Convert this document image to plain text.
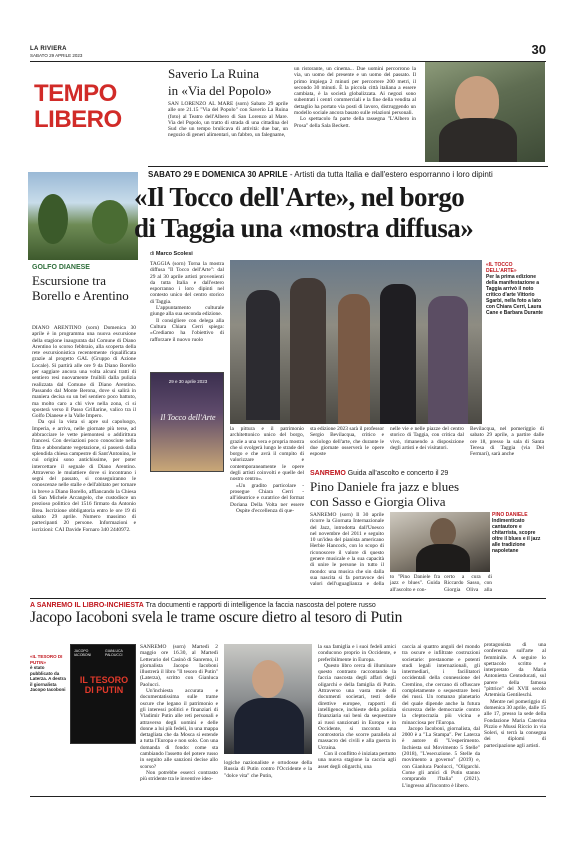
LA RIVIERA
SABATO 29 APRILE 2023	30
TEMPO
LIBERO
Saverio La Ruina
in «Via del Popolo»
SAN LORENZO AL MARE (sorn) Sabato 29 aprile alle ore 21.15 "Via del Popolo" con Saverio La Ruina (foto) al Teatro dell'Albero di San Lorenzo al Mare. Via del Popolo, un tratto di strada di una cittadina del Sud che un tempo brulicava di attività: due bar, un negozio di generi alimentari, un fabbro, un falegname,
un ristorante, un cinema... Due uomini percorrono la via, un uomo del presente e un uomo del passato. Il primo impiega 2 minuti per percorrere 200 metri, il secondo 30 minuti. È la piccola città italiana a essere cambiata, è la società globalizzata. Ai negozi sono subentrati i centri commerciali e la fine della vendita al dettaglio ha portato via posti di lavoro, distruggendo un modello sociale ancora basato sulle relazioni personali.

Lo spettacolo fa parte della rassegna "L'Albero in Prosa" della Sala Beckett.

SABATO 29 E DOMENICA 30 APRILE - Artisti da tutta Italia e dall'estero esporranno i loro dipinti
GOLFO DIANESE
Escursione tra Borello e Arentino
DIANO ARENTINO (sorn) Domenica 30 aprile è in programma una nuova escursione della stagione inaugurata dal Comune di Diano Arentino lo scorso febbraio, alla scoperta della rete escursionistica recentemente riqualificata grazie al progetto GAL (Gruppo di Azione Locale). Si partirà alle ore 9 da Diano Borello per saggiare ancora una volta alcuni tratti di sentiero resi nuovamente fruibili dalla pulizia realizzata dal Comune di Diano Arentino. Passando dal Monte Berona, dove si salirà in maniera decisa su un bel sentiero poco battuto, ma molto caro a chi vive nella zona, ci si sposterà verso il Passo Grillarine, valico tra il Golfo Dianese e la Valle Impero.

Da qui la vista si apre sul capoluogo, Imperia, e arriva, nelle giornate più terse, ad abbracciare le vette piemontesi o addirittura francesi. Con deviazioni poco conosciute nella fitta e abbondante vegetazione, si passerà dalla splendida chiesa campestre di Sant'Antonino, le cui origini sono antichissime, per poter intercettare il segnale di Diano Arentino. Attraverso le mulattiere dove si incontrano i segni del passato, si conseguiranno le conoscenze nelle stalle e dell'abitato per tornare in breve a Diano Borello, affiancando la Chiesa di San Michele Arcangelo, che custodisce un prezioso polittico del 1516 firmato da Antonio Brea. Iscrizione obbligatoria entro le ore 19 di sabato 29 aprile. Numero massimo di partecipanti 20 persone. Informazioni e iscrizioni: CAI Davide Fornaro 340 2440972.

«Il Tocco dell'Arte», nel borgo
di Taggia una «mostra diffusa»
di Marco Scolesi
TAGGIA (sorn) Torna la mostra diffusa "Il Tocco dell'Arte": dal 29 al 30 aprile artisti provenienti da tutta Italia e dall'estero esporranno i loro dipinti nel contesto unico del centro storico di Taggia.

L'appuntamento culturale giunge alla sua seconda edizione.

Il consigliere con delega alla Cultura Chiara Cerri spiega: «Crediamo ha l'obiettivo di rafforzare il nuovo ruolo

29 e 30 aprile 2023
Il Tocco dell'Arte
«IL TOCCO DELL'ARTE»
Per la prima edizione della manifestazione a Taggia arrivò il noto critico d'arte Vittorio Sgarbi, nella foto a lato con Chiara Cerri, Laura Cane e Barbara Durante
la pittura e il patrimonio architettonico unico del borgo, grazie a una vera e propria mostra che si svolgerà lungo le strade del borgo e che avrà il compito di valorizzare e contemporaneamente le opere degli artisti coinvolti e quelle del nostro centro».

«Un gradito particolare - prosegue Chiara Cerri - all'ideatrice e curatrice del format Doriana Della Volta per essere

sta edizione 2023 sarà il professor Sergio Bevilacqua, critico e sociologo dell'arte, che durante le due giornate osserverà le opere esposte
nelle vie e nelle piazze del centro storico di Taggia, con critica dal vivo, rimanendo a disposizione degli artisti e dei visitatori.
Bevilacqua, nel pomeriggio di sabato 29 aprile, a partire dalle ore 18, presso la sala di Santa Teresa di Taggia (via Del Fermari), sarà anche
SANREMO Guida all'ascolto e concerto il 29
Pino Daniele fra jazz e blues
con Sasso e Giorgia Oliva

Ospite d'eccellenza di que-

SANREMO (sorn) Il 30 aprile ricorre la Giornata Internazionale del Jazz, introdotta dall'Unesco nel novembre del 2011 e seguito 10 un'idea del pianista americano Herbie Hancock, con lo scopo di riconoscere il valore di questo genere musicale e la sua capacità di unire le persone in tutto il mondo: una musica che sin dalla sua nascita si fa portavoce dei valori dell'uguaglianza e della
PINO DANIELE
Indimenticato cantautore e chitarrista, scopre oltre il blues e il jazz alle tradizione napoletane
to "Pino Daniele fra jazz e blues". Guida all'ascolto e con-
certo a cura di Riccardo Sasso, con Giorgia Oliva alla
A SANREMO IL LIBRO-INCHIESTA Tra documenti e rapporti di intelligence la faccia nascosta del potere russo
Jacopo Iacoboni svela le trame oscure dietro al tesoro di Putin
JACOPO IACOBONI
GIANLUCA PALDUCCI
IL TESORO DI PUTIN
«IL TESORO DI PUTIN»
è stato pubblicato da Laterza. A destra il giornalista Jacopo Iacoboni
SANREMO (sorn) Martedì 2 maggio ore 16.30, al Martedì Letterario del Casinò di Sanremo, il giornalista Jacopo Iacoboni illustrerà il libro "Il tesoro di Putin" (Laterza), scritto con Gianluca Paolucci.

Un'inchiesta accurata e documentatissima sulle trame oscure che legano il patrimonio e gli interessi politici e finanziari di Vladimir Putin alle reti personali e attraverso degli uomini e delle donne a lui più fedeli, in una mappa dettagliata che da Mosca si estende a tutta l'Europa e non solo. Con una domanda di fondo: come sta cambiando l'assetto del potere russo in seguito alle sanzioni decise allo scorso?

Non potrebbe esserci contrasto più stridente tra le inventive ideo-

logiche nazionaliste e ortodosse della Russia di Putin contro l'Occidente e la "dolce vita" che Putin,
la sua famiglia e i suoi fedeli amici conducono proprio in Occidente, e preferibilmente in Europa.

Questo libro cerca di illuminare questo contrasto raccontando la faccia nascosta degli affari degli oligarchi e della famiglia di Putin. Attraverso una vasta mole di documenti societari, testi delle direttive europee, rapporti di intelligence, inchieste della polizia finanziaria sui beni da sequestrare ai russi sanzionati in Europa e in Occidente, si racconta una controstoria che scorre parallela al massacro dei civili e alla guerra in Ucraina.

Con il conflitto è iniziata pertutto una nuova stagione la caccia agli asset degli oligarchi, una

caccia ai quattro angoli del mondo tra oscure e infiltrate costruzioni societarie: prestanome e potenti studi legali internazionali, gli intermediari, i facilitatori occidentali della connessione del Cremlino, che cercano di offuscare completamente o sequestrare beni dei russi. Un romanzo planetario del quale dipende anche la futura sicurezza delle democrazie contro la cleptocrazia più vicina e minacciosa per l'Europa.

Jacopo Iacoboni, giornalista, dal 2000 è a "La Stampa". Per Laterza è autore di "L'esperimento. Inchiesta sul Movimento 5 Stelle" (2018), "L'esecuzione. 5 Stelle da movimento a governo" (2019) e, con Gianluca Paolucci, "Oligarchi. Come gli amici di Putin stanno comprando l'Italia" (2021). L'ingresso all'incontro è libero.

protagonista di una conferenza sull'arte al femminile. A seguire lo spettacolo scritto e interpretato da Maria Antonietta Centoducati, sul parere della famosa "pittrice" del XVII secolo Artemisia Gentileschi.

Mentre nel pomeriggio di domenica 30 aprile, dalle 15 alle 17, presso la sede della Fondazione Maria Caterina Pizzio e Mussi Riccio in via Soleri, si terrà la consegna dei diplomi di partecipazione agli artisti.
